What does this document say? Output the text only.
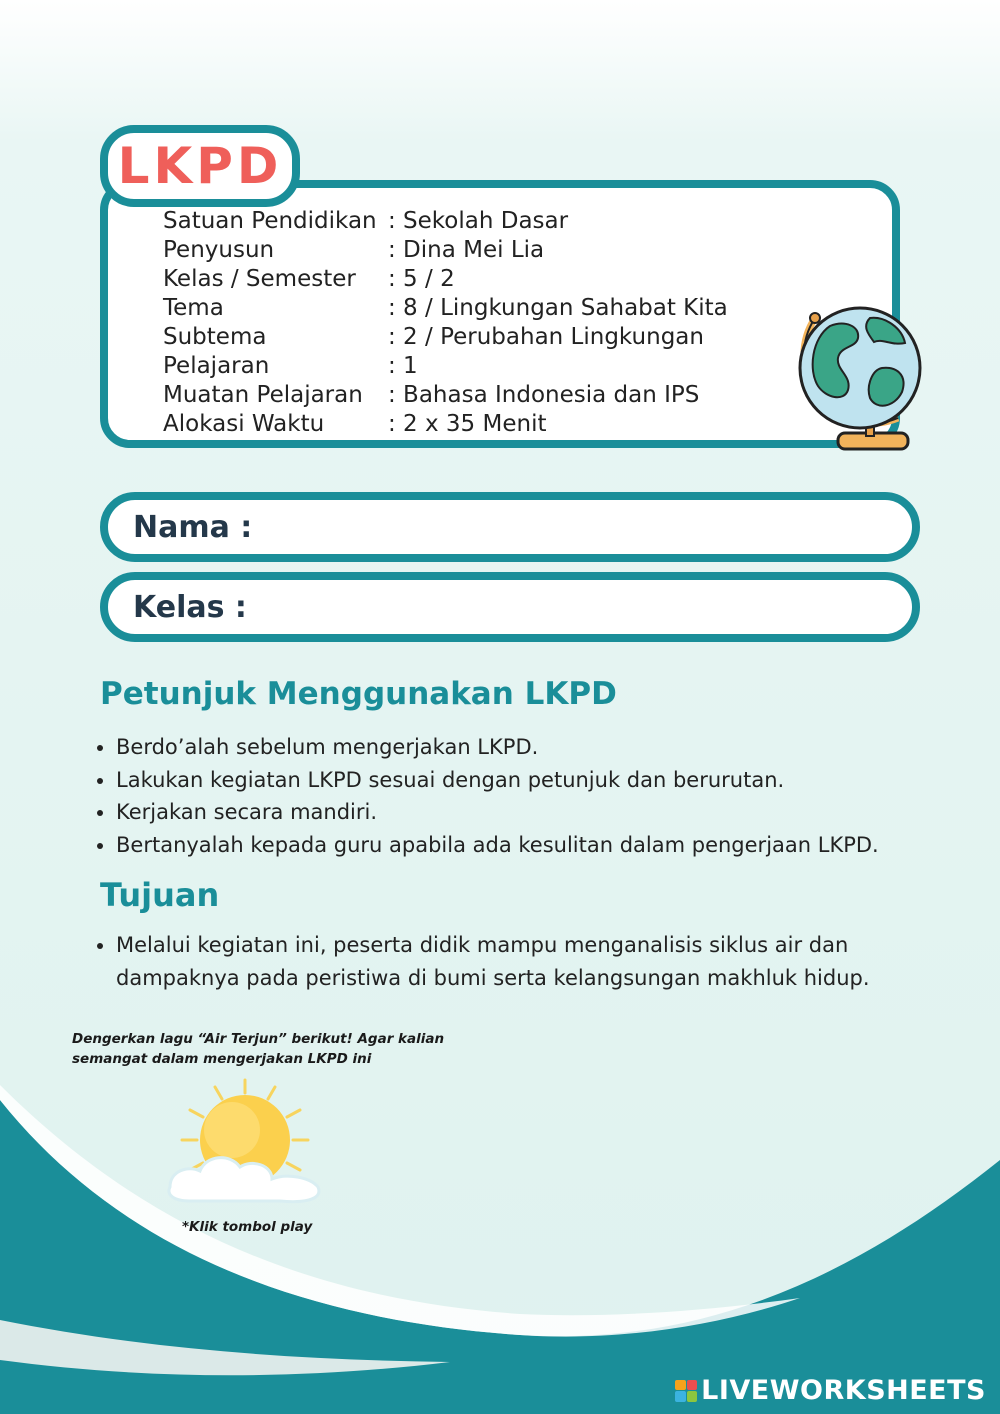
LKPD
Satuan Pendidikan : Sekolah Dasar
Penyusun	: Dina Mei Lia
Kelas / Semester	: 5 / 2
Tema	: 8 / Lingkungan Sahabat Kita
Subtema	: 2 / Perubahan Lingkungan
Pelajaran	: 1
Muatan Pelajaran	: Bahasa Indonesia dan IPS
Alokasi Waktu	: 2 x 35 Menit
Nama :
Kelas :
Petunjuk Menggunakan LKPD
• Berdo’alah sebelum mengerjakan LKPD.
• Lakukan kegiatan LKPD sesuai dengan petunjuk dan berurutan.
• Kerjakan secara mandiri.
• Bertanyalah kepada guru apabila ada kesulitan dalam pengerjaan LKPD.
Tujuan
• Melalui kegiatan ini, peserta didik mampu menganalisis siklus air dan
dampaknya pada peristiwa di bumi serta kelangsungan makhluk hidup.
Dengerkan lagu “Air Terjun” berikut! Agar kalian
semangat dalam mengerjakan LKPD ini
*Klik tombol play
LIVEWORKSHEETS
